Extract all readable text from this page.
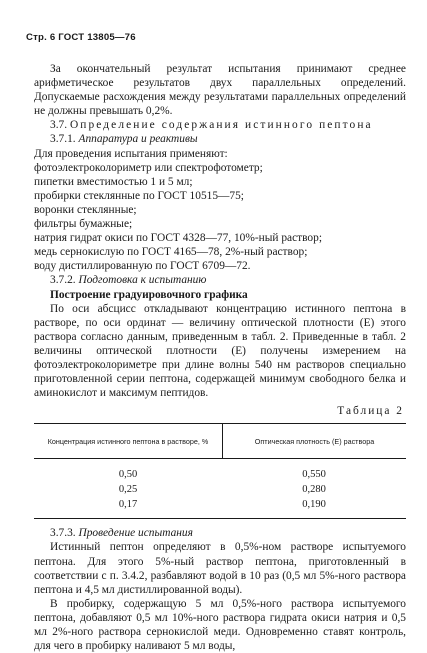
Стр. 6 ГОСТ 13805—76

За окончательный результат испытания принимают среднее арифметическое результатов двух параллельных определений. Допускаемые расхождения между результатами параллельных определений не должны превышать 0,2%.

3.7. Определение содержания истинного пептона

3.7.1. Аппаратура и реактивы

Для проведения испытания применяют:

фотоэлектроколориметр или спектрофотометр;

пипетки вместимостью 1 и 5 мл;

пробирки стеклянные по ГОСТ 10515—75;

воронки стеклянные;

фильтры бумажные;

натрия гидрат окиси по ГОСТ 4328—77, 10%-ный раствор;

медь сернокислую по ГОСТ 4165—78, 2%-ный раствор;

воду дистиллированную по ГОСТ 6709—72.

3.7.2. Подготовка к испытанию

Построение градуировочного графика

По оси абсцисс откладывают концентрацию истинного пептона в растворе, по оси ординат — величину оптической плотности (E) этого раствора согласно данным, приведенным в табл. 2. Приведенные в табл. 2 величины оптической плотности (E) получены измерением на фотоэлектроколориметре при длине волны 540 нм растворов специально приготовленной серии пептона, содержащей минимум свободного белка и аминокислот и максимум пептидов.

Таблица 2

Концентрация истинного пептона в растворе, %	Оптическая плотность (E) раствора
0,50	0,550
0,25	0,280
0,17	0,190

3.7.3. Проведение испытания

Истинный пептон определяют в 0,5%-ном растворе испытуемого пептона. Для этого 5%-ный раствор пептона, приготовленный в соответствии с п. 3.4.2, разбавляют водой в 10 раз (0,5 мл 5%-ного раствора пептона и 4,5 мл дистиллированной воды).

В пробирку, содержащую 5 мл 0,5%-ного раствора испытуемого пептона, добавляют 0,5 мл 10%-ного раствора гидрата окиси натрия и 0,5 мл 2%-ного раствора сернокислой меди. Одновременно ставят контроль, для чего в пробирку наливают 5 мл воды,
